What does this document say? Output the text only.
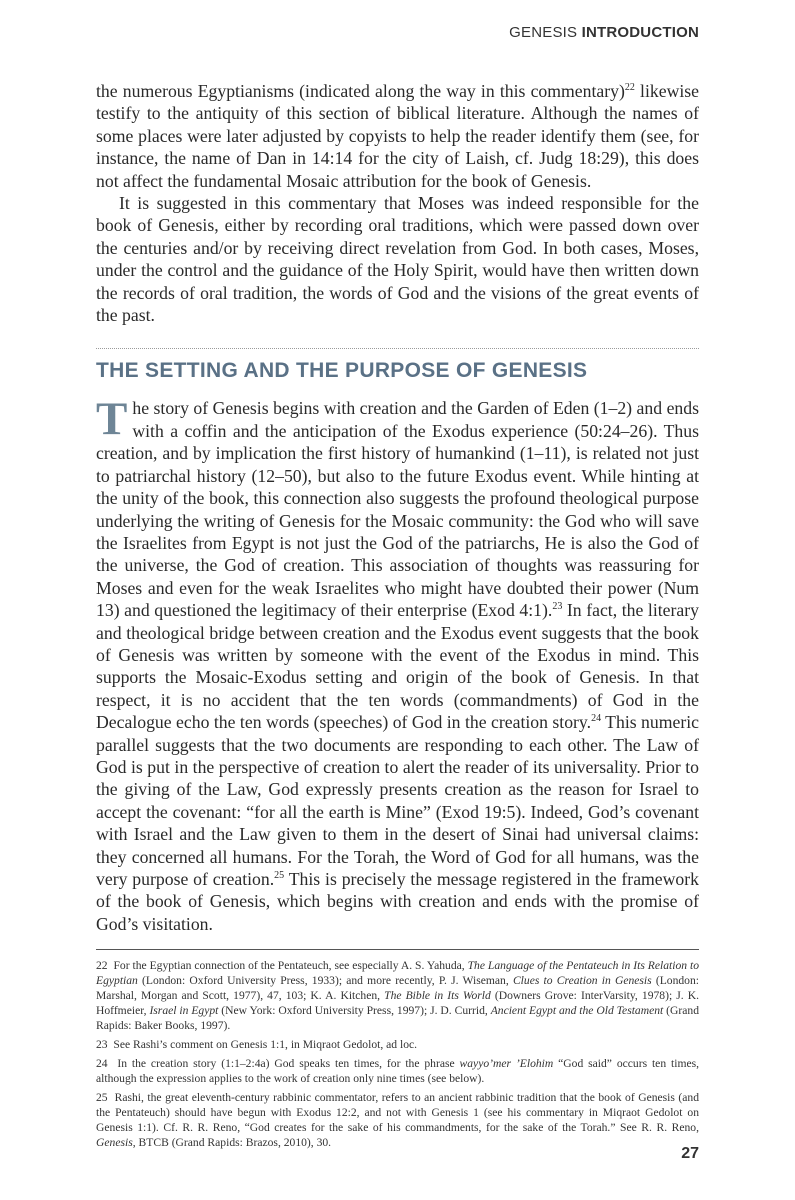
GENESIS INTRODUCTION

the numerous Egyptianisms (indicated along the way in this commentary)$^{22}$ likewise testify to the antiquity of this section of biblical literature. Although the names of some places were later adjusted by copyists to help the reader identify them (see, for instance, the name of Dan in 14:14 for the city of Laish, cf. Judg 18:29), this does not affect the fundamental Mosaic attribution for the book of Genesis.

It is suggested in this commentary that Moses was indeed responsible for the book of Genesis, either by recording oral traditions, which were passed down over the centuries and/or by receiving direct revelation from God. In both cases, Moses, under the control and the guidance of the Holy Spirit, would have then written down the records of oral tradition, the words of God and the visions of the great events of the past.

THE SETTING AND THE PURPOSE OF GENESIS

The story of Genesis begins with creation and the Garden of Eden (1–2) and ends with a coffin and the anticipation of the Exodus experience (50:24–26). Thus creation, and by implication the first history of humankind (1–11), is related not just to patriarchal history (12–50), but also to the future Exodus event. While hinting at the unity of the book, this connection also suggests the profound theological purpose underlying the writing of Genesis for the Mosaic community: the God who will save the Israelites from Egypt is not just the God of the patriarchs, He is also the God of the universe, the God of creation. This association of thoughts was reassuring for Moses and even for the weak Israelites who might have doubted their power (Num 13) and questioned the legitimacy of their enterprise (Exod 4:1).$^{23}$ In fact, the literary and theological bridge between creation and the Exodus event suggests that the book of Genesis was written by someone with the event of the Exodus in mind. This supports the Mosaic-Exodus setting and origin of the book of Genesis. In that respect, it is no accident that the ten words (commandments) of God in the Decalogue echo the ten words (speeches) of God in the creation story.$^{24}$ This numeric parallel suggests that the two documents are responding to each other. The Law of God is put in the perspective of creation to alert the reader of its universality. Prior to the giving of the Law, God expressly presents creation as the reason for Israel to accept the covenant: “for all the earth is Mine” (Exod 19:5). Indeed, God’s covenant with Israel and the Law given to them in the desert of Sinai had universal claims: they concerned all humans. For the Torah, the Word of God for all humans, was the very purpose of creation.$^{25}$ This is precisely the message registered in the framework of the book of Genesis, which begins with creation and ends with the promise of God’s visitation.

22 For the Egyptian connection of the Pentateuch, see especially A. S. Yahuda, The Language of the Pentateuch in Its Relation to Egyptian (London: Oxford University Press, 1933); and more recently, P. J. Wiseman, Clues to Creation in Genesis (London: Marshal, Morgan and Scott, 1977), 47, 103; K. A. Kitchen, The Bible in Its World (Downers Grove: InterVarsity, 1978); J. K. Hoffmeier, Israel in Egypt (New York: Oxford University Press, 1997); J. D. Currid, Ancient Egypt and the Old Testament (Grand Rapids: Baker Books, 1997).

23 See Rashi’s comment on Genesis 1:1, in Miqraot Gedolot, ad loc.

24 In the creation story (1:1–2:4a) God speaks ten times, for the phrase wayyo’mer ’Elohim “God said” occurs ten times, although the expression applies to the work of creation only nine times (see below).

25 Rashi, the great eleventh-century rabbinic commentator, refers to an ancient rabbinic tradition that the book of Genesis (and the Pentateuch) should have begun with Exodus 12:2, and not with Genesis 1 (see his commentary in Miqraot Gedolot on Genesis 1:1). Cf. R. R. Reno, “God creates for the sake of his commandments, for the sake of the Torah.” See R. R. Reno, Genesis, BTCB (Grand Rapids: Brazos, 2010), 30.

27
